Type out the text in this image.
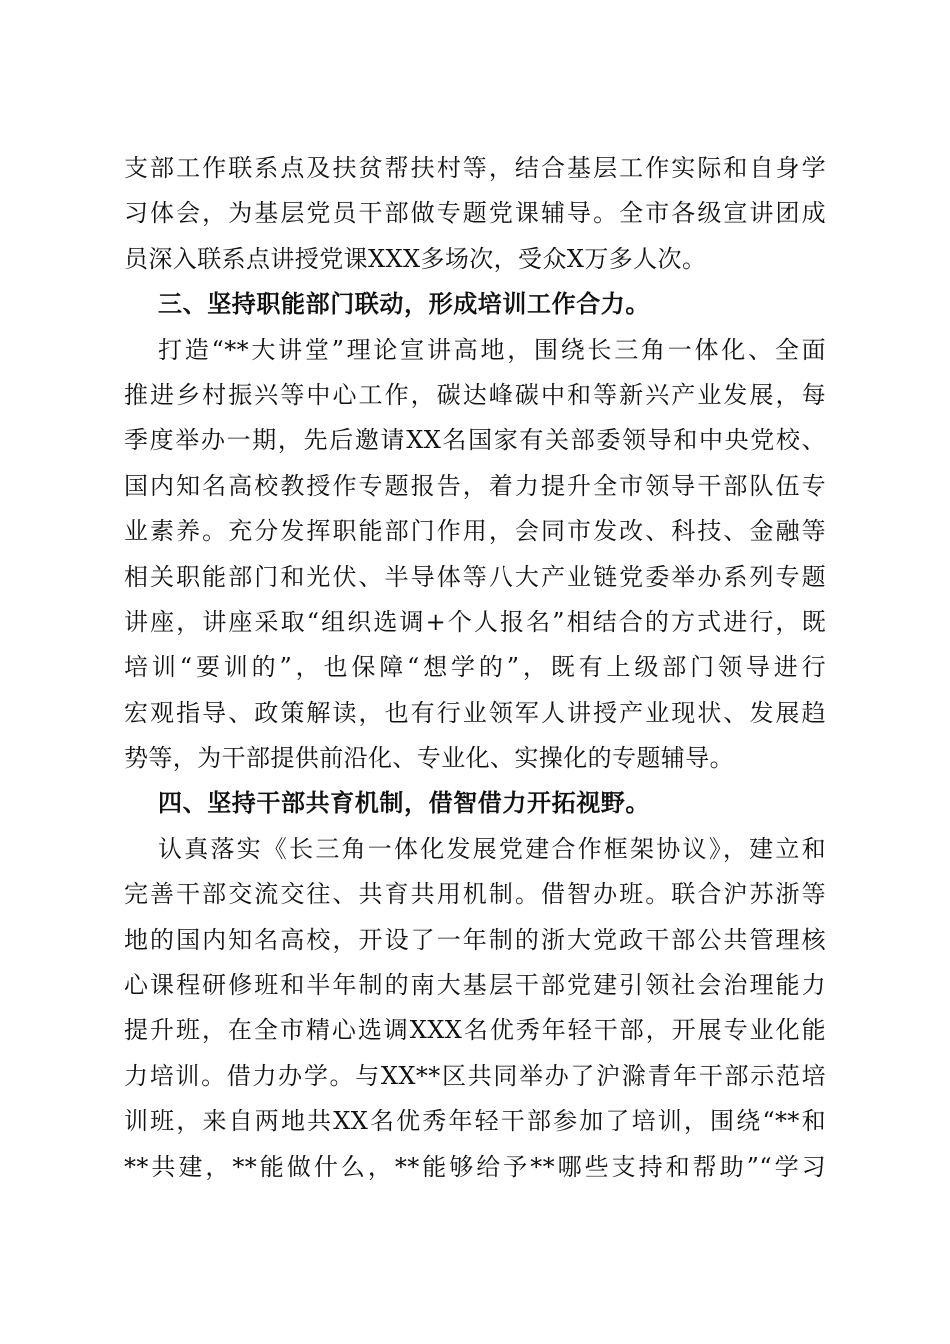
支部工作联系点及扶贫帮扶村等，结合基层工作实际和自身学
习体会，为基层党员干部做专题党课辅导。全市各级宣讲团成
员深入联系点讲授党课XXX多场次，受众X万多人次。
三、坚持职能部门联动，形成培训工作合力。
打造“**大讲堂”理论宣讲高地，围绕长三角一体化、全面
推进乡村振兴等中心工作，碳达峰碳中和等新兴产业发展，每
季度举办一期，先后邀请XX名国家有关部委领导和中央党校、
国内知名高校教授作专题报告，着力提升全市领导干部队伍专
业素养。充分发挥职能部门作用，会同市发改、科技、金融等
相关职能部门和光伏、半导体等八大产业链党委举办系列专题
讲座，讲座采取“组织选调+个人报名”相结合的方式进行，既
培训“要训的”，也保障“想学的”，既有上级部门领导进行
宏观指导、政策解读，也有行业领军人讲授产业现状、发展趋
势等，为干部提供前沿化、专业化、实操化的专题辅导。
四、坚持干部共育机制，借智借力开拓视野。
认真落实《长三角一体化发展党建合作框架协议》，建立和
完善干部交流交往、共育共用机制。借智办班。联合沪苏浙等
地的国内知名高校，开设了一年制的浙大党政干部公共管理核
心课程研修班和半年制的南大基层干部党建引领社会治理能力
提升班，在全市精心选调XXX名优秀年轻干部，开展专业化能
力培训。借力办学。与XX**区共同举办了沪滁青年干部示范培
训班，来自两地共XX名优秀年轻干部参加了培训，围绕“**和
**共建，**能做什么，**能够给予**哪些支持和帮助”“学习
